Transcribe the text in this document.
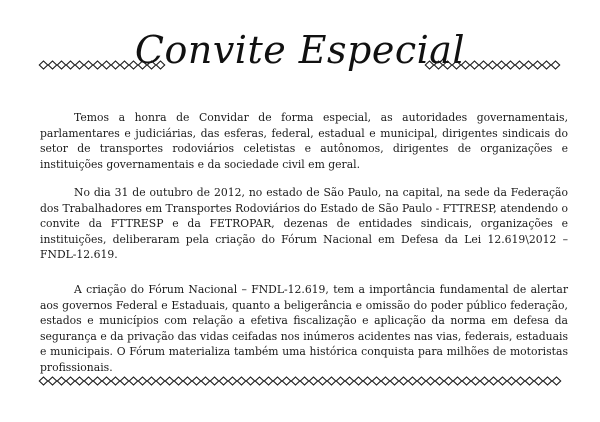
Convite Especial

Temos a honra de Convidar de forma especial, as autoridades governamentais, parlamentares e judiciárias, das esferas, federal, estadual e municipal, dirigentes sindicais do setor de transportes rodoviários celetistas e autônomos, dirigentes de organizações e instituições governamentais e da sociedade civil em geral.

No dia 31 de outubro de 2012, no estado de São Paulo, na capital, na sede da Federação dos Trabalhadores em Transportes Rodoviários do Estado de São Paulo - FTTRESP, atendendo o convite da FTTRESP e da FETROPAR, dezenas de entidades sindicais, organizações e instituições, deliberaram pela criação do Fórum Nacional em Defesa da Lei 12.619\2012 – FNDL-12.619.

A criação do Fórum Nacional – FNDL-12.619, tem a importância fundamental de alertar aos governos Federal e Estaduais, quanto a beligerância e omissão do poder público federação, estados e municípios com relação a efetiva fiscalização e aplicação da norma em defesa da segurança e da privação das vidas ceifadas nos inúmeros acidentes nas vias, federais, estaduais e municipais. O Fórum materializa também uma histórica conquista para milhões de motoristas profissionais.
